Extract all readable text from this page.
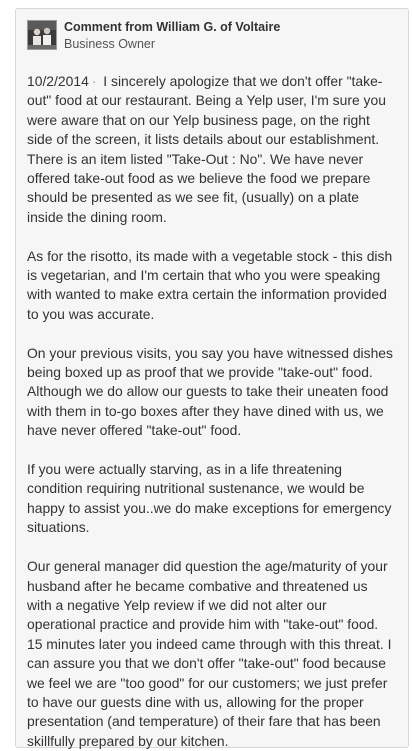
Comment from William G. of Voltaire
Business Owner

10/2/2014 · I sincerely apologize that we don't offer "take-out" food at our restaurant. Being a Yelp user, I'm sure you were aware that on our Yelp business page, on the right side of the screen, it lists details about our establishment. There is an item listed "Take-Out : No". We have never offered take-out food as we believe the food we prepare should be presented as we see fit, (usually) on a plate inside the dining room.

As for the risotto, its made with a vegetable stock - this dish is vegetarian, and I'm certain that who you were speaking with wanted to make extra certain the information provided to you was accurate.

On your previous visits, you say you have witnessed dishes being boxed up as proof that we provide "take-out" food. Although we do allow our guests to take their uneaten food with them in to-go boxes after they have dined with us, we have never offered "take-out" food.

If you were actually starving, as in a life threatening condition requiring nutritional sustenance, we would be happy to assist you..we do make exceptions for emergency situations.

Our general manager did question the age/maturity of your husband after he became combative and threatened us with a negative Yelp review if we did not alter our operational practice and provide him with "take-out" food. 15 minutes later you indeed came through with this threat. I can assure you that we don't offer "take-out" food because we feel we are "too good" for our customers; we just prefer to have our guests dine with us, allowing for the proper presentation (and temperature) of their fare that has been skillfully prepared by our kitchen.
